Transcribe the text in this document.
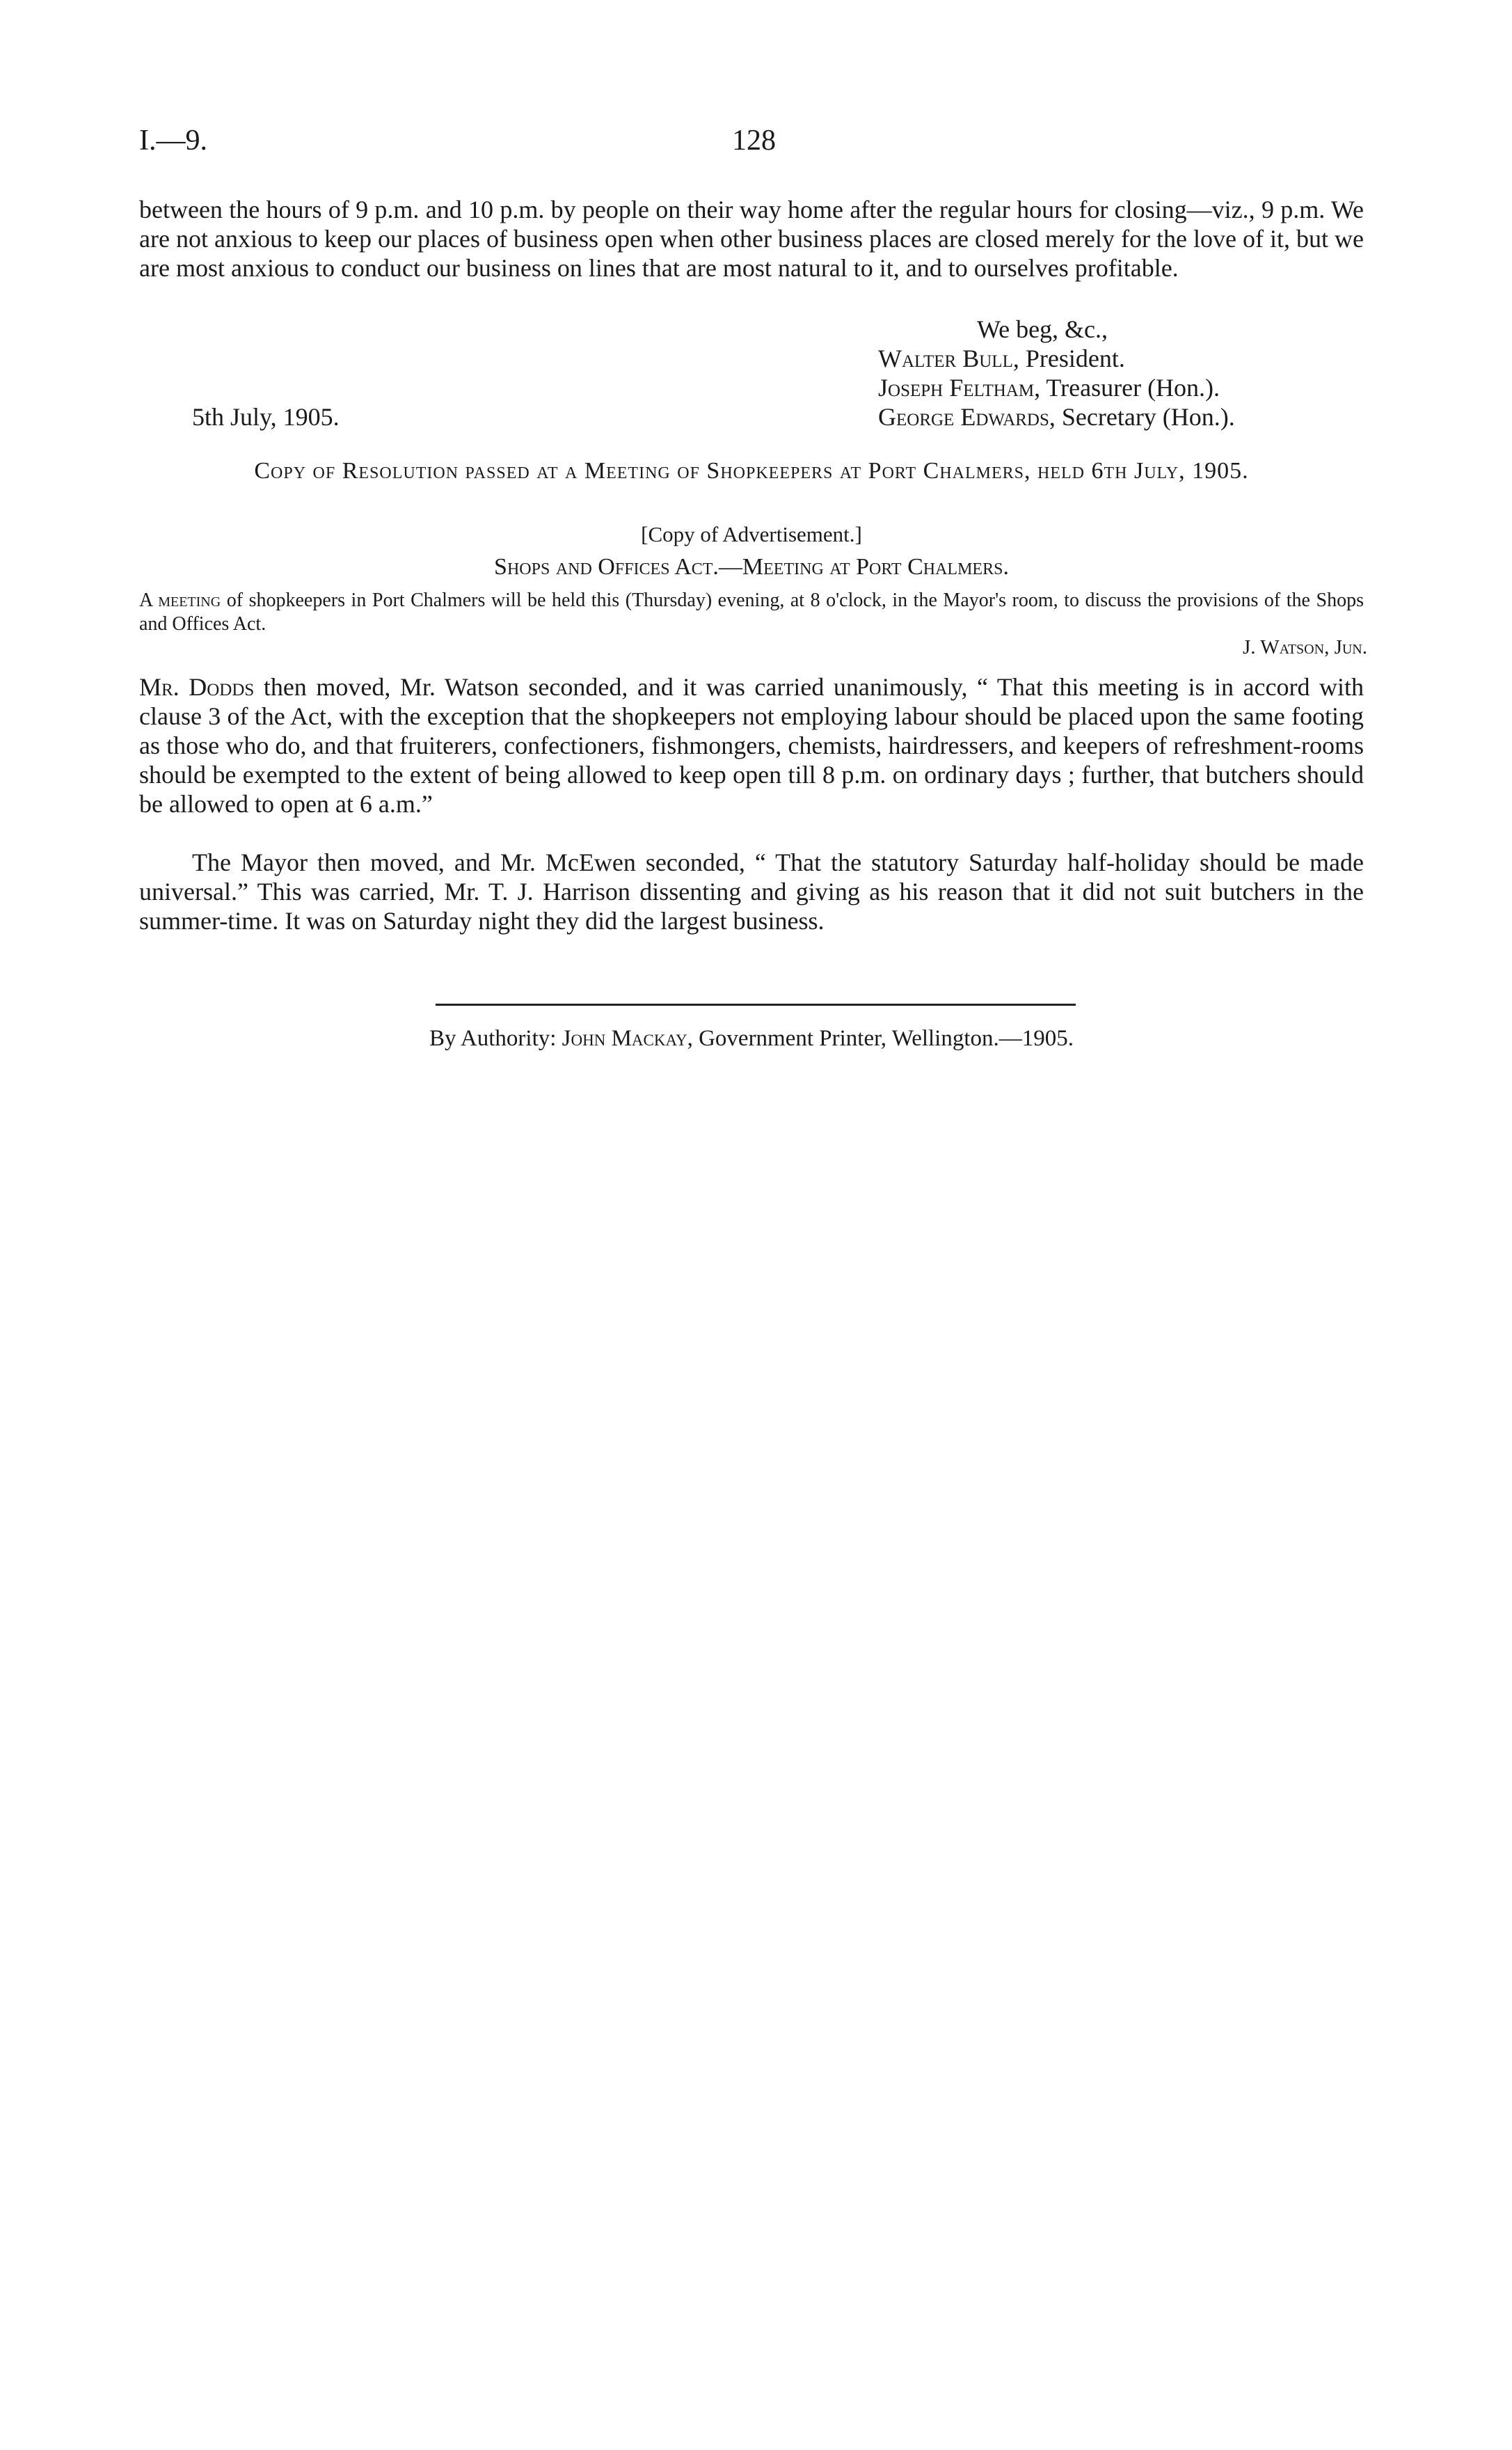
I.—9.	128

between the hours of 9 p.m. and 10 p.m. by people on their way home after the regular hours for closing—viz., 9 p.m. We are not anxious to keep our places of business open when other business places are closed merely for the love of it, but we are most anxious to conduct our business on lines that are most natural to it, and to ourselves profitable.

We beg, &c.,
Walter Bull, President.
Joseph Feltham, Treasurer (Hon.).
George Edwards, Secretary (Hon.).
5th July, 1905.
Copy of Resolution passed at a Meeting of Shopkeepers at Port Chalmers, held 6th July, 1905.
[Copy of Advertisement.]
Shops and Offices Act.—Meeting at Port Chalmers.

A meeting of shopkeepers in Port Chalmers will be held this (Thursday) evening, at 8 o'clock, in the Mayor's room, to discuss the provisions of the Shops and Offices Act.

J. Watson, Jun.

Mr. Dodds then moved, Mr. Watson seconded, and it was carried unanimously, “ That this meeting is in accord with clause 3 of the Act, with the exception that the shopkeepers not employing labour should be placed upon the same footing as those who do, and that fruiterers, confectioners, fishmongers, chemists, hairdressers, and keepers of refreshment-rooms should be exempted to the extent of being allowed to keep open till 8 p.m. on ordinary days ; further, that butchers should be allowed to open at 6 a.m.”

The Mayor then moved, and Mr. McEwen seconded, “ That the statutory Saturday half-holiday should be made universal.” This was carried, Mr. T. J. Harrison dissenting and giving as his reason that it did not suit butchers in the summer-time. It was on Saturday night they did the largest business.

By Authority: John Mackay, Government Printer, Wellington.—1905.
